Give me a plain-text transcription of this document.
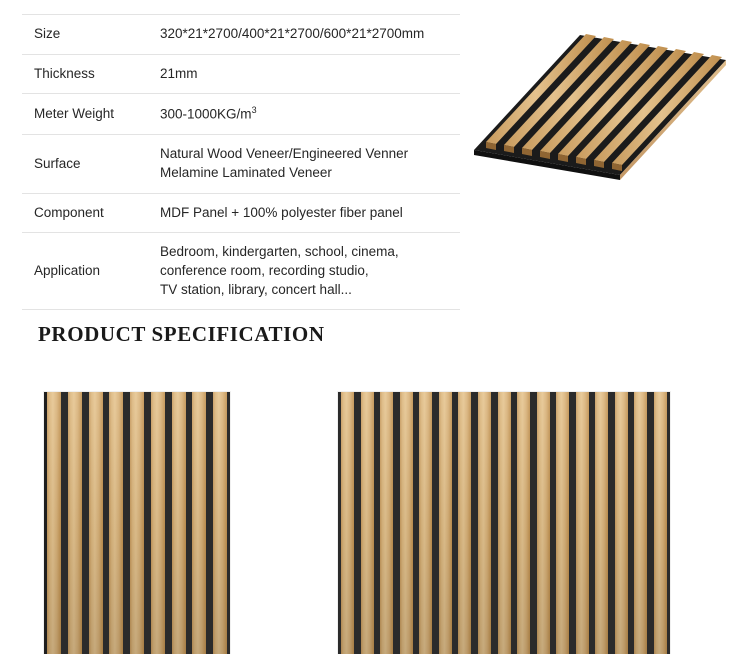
Size	320*21*2700/400*21*2700/600*21*2700mm

Thickness	21mm

Meter Weight	$300-1000KG/m^3$

Surface	Natural Wood Veneer/Engineered Venner
Melamine Laminated Veneer

Component	MDF Panel + 100% polyester fiber panel

Application	Bedroom, kindergarten, school, cinema,
conference room, recording studio,
TV station, library, concert hall...
PRODUCT SPECIFICATION
